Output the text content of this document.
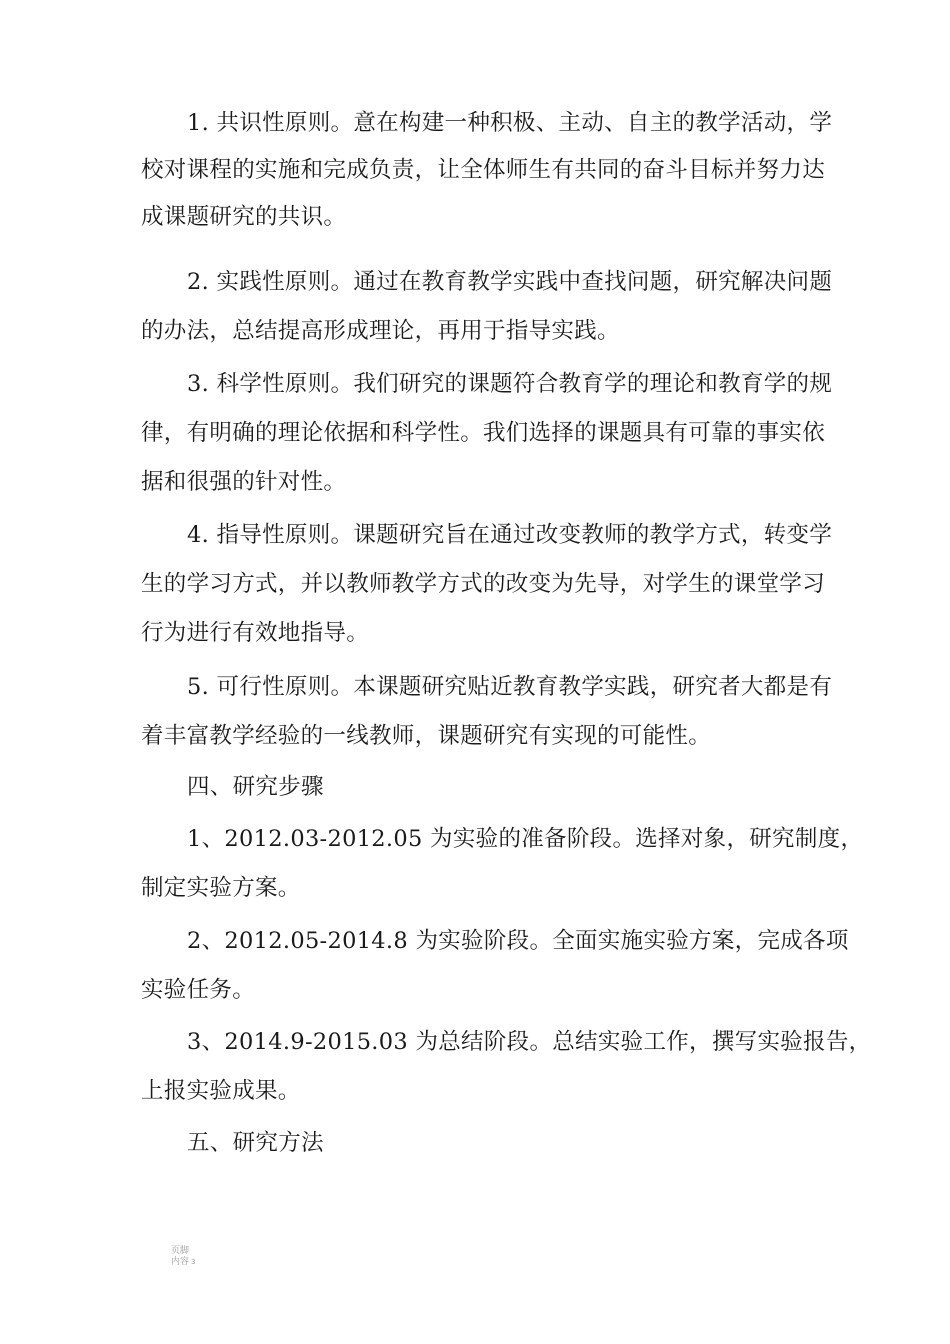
1. 共识性原则。意在构建一种积极、主动、自主的教学活动，学
校对课程的实施和完成负责，让全体师生有共同的奋斗目标并努力达
成课题研究的共识。
2. 实践性原则。通过在教育教学实践中查找问题，研究解决问题
的办法，总结提高形成理论，再用于指导实践。
3. 科学性原则。我们研究的课题符合教育学的理论和教育学的规
律，有明确的理论依据和科学性。我们选择的课题具有可靠的事实依
据和很强的针对性。
4. 指导性原则。课题研究旨在通过改变教师的教学方式，转变学
生的学习方式，并以教师教学方式的改变为先导，对学生的课堂学习
行为进行有效地指导。
5. 可行性原则。本课题研究贴近教育教学实践，研究者大都是有
着丰富教学经验的一线教师，课题研究有实现的可能性。
四、研究步骤
1、2012.03-2012.05 为实验的准备阶段。选择对象，研究制度，
制定实验方案。
2、2012.05-2014.8 为实验阶段。全面实施实验方案，完成各项
实验任务。
3、2014.9-2015.03 为总结阶段。总结实验工作，撰写实验报告，
上报实验成果。
五、研究方法
页脚内容 $^3$
